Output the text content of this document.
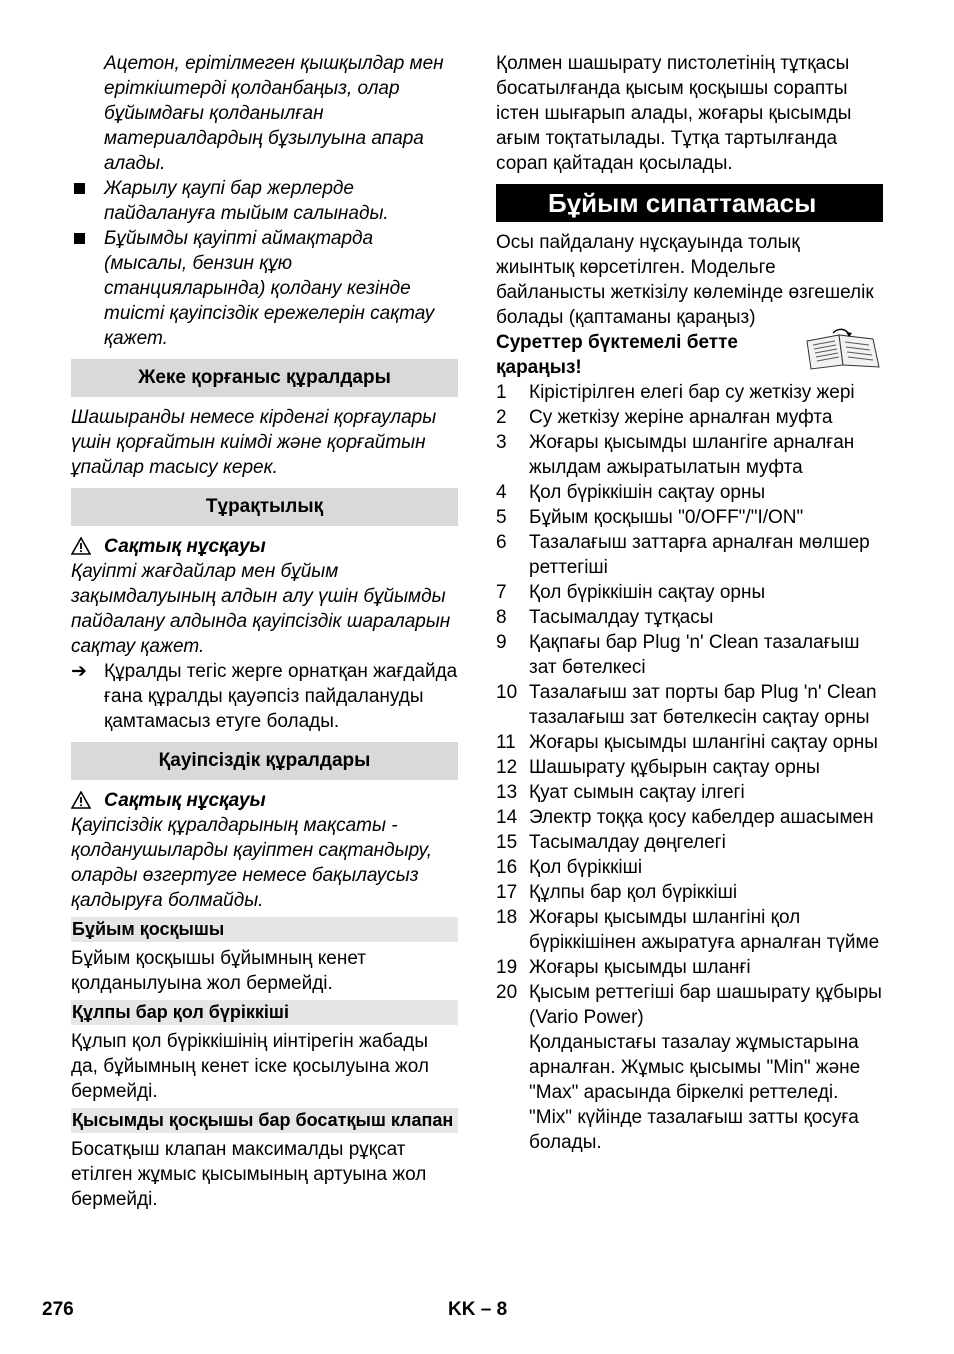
Ацетон, ерітілмеген қышқылдар мен еріткіштерді қолданбаңыз, олар бұйымдағы қолданылған материалдардың бұзылуына апара алады.

Жарылу қаупі бар жерлерде пайдалануға тыйым салынады.
Бұйымды қауіпті аймақтарда (мысалы, бензин құю станцияларында) қолдану кезінде тиісті қауіпсіздік ережелерін сақтау қажет.
Жеке қорғаныс құралдары

Шашыранды немесе кірденгі қорғаулары үшін қорғайтын киімді және қорғайтын ұпайлар тасысу керек.

Тұрақтылық
Сақтық нұсқауы

Қауіпті жағдайлар мен бұйым зақымдалуының алдын алу үшін бұйымды пайдалану алдында қауіпсіздік шараларын сақтау қажет.

➔ Құралды тегіс жерге орнатқан жағдайда ғана құралды қауәпсіз пайдалануды қамтамасыз етуге болады.
Қауіпсіздік құралдары
Сақтық нұсқауы

Қауіпсіздік құралдарының мақсаты - қолданушыларды қауіптен сақтандыру, оларды өзгертуге немесе бақылаусыз қалдыруға болмайды.

Бұйым қосқышы

Бұйым қосқышы бұйымның кенет қолданылуына жол бермейді.

Құлпы бар қол бүріккіші

Құлып қол бүріккішінің иінтірегін жабады да, бұйымның кенет іске қосылуына жол бермейді.

Қысымды қосқышы бар босатқыш клапан

Босатқыш клапан максималды рұқсат етілген жұмыс қысымының артуына жол бермейді.

Қолмен шашырату пистолетінің тұтқасы босатылғанда қысым қосқышы сорапты істен шығарып алады, жоғары қысымды ағым тоқтатылады. Тұтқа тартылғанда сорап қайтадан қосылады.

Бұйым сипаттамасы

Осы пайдалану нұсқауында толық жиынтық көрсетілген. Модельге байланысты жеткізілу көлемінде өзгешелік болады (қаптаманы қараңыз)

Суреттер бүктемелі бетте қараңыз!
1 Кірістірілген елегі бар су жеткізу жері
2 Су жеткізу жеріне арналған муфта
3 Жоғары қысымды шлангіге арналған жылдам ажыратылатын муфта
4 Қол бүріккішін сақтау орны
5 Бұйым қосқышы "0/OFF"/"I/ON"
6 Тазалағыш заттарға арналған мөлшер реттегіші
7 Қол бүріккішін сақтау орны
8 Тасымалдау тұтқасы
9 Қақпағы бар Plug 'n' Clean тазалағыш зат бөтелкесі
10 Тазалағыш зат порты бар Plug 'n' Clean тазалағыш зат бөтелкесін сақтау орны
11 Жоғары қысымды шлангіні сақтау орны
12 Шашырату құбырын сақтау орны
13 Қуат сымын сақтау ілгегі
14 Электр тоққа қосу кабелдер ашасымен
15 Тасымалдау дөңгелегі
16 Қол бүріккіші
17 Құлпы бар қол бүріккіші
18 Жоғары қысымды шлангіні қол бүріккішінен ажыратуға арналған түйме
19 Жоғары қысымды шланғі
20 Қысым реттегіші бар шашырату құбыры (Vario Power)

Қолданыстағы тазалау жұмыстарына арналған. Жұмыс қысымы "Min" және "Max" арасында біркелкі реттеледі. "Mix" күйінде тазалағыш затты қосуға болады.

276	KK – 8
